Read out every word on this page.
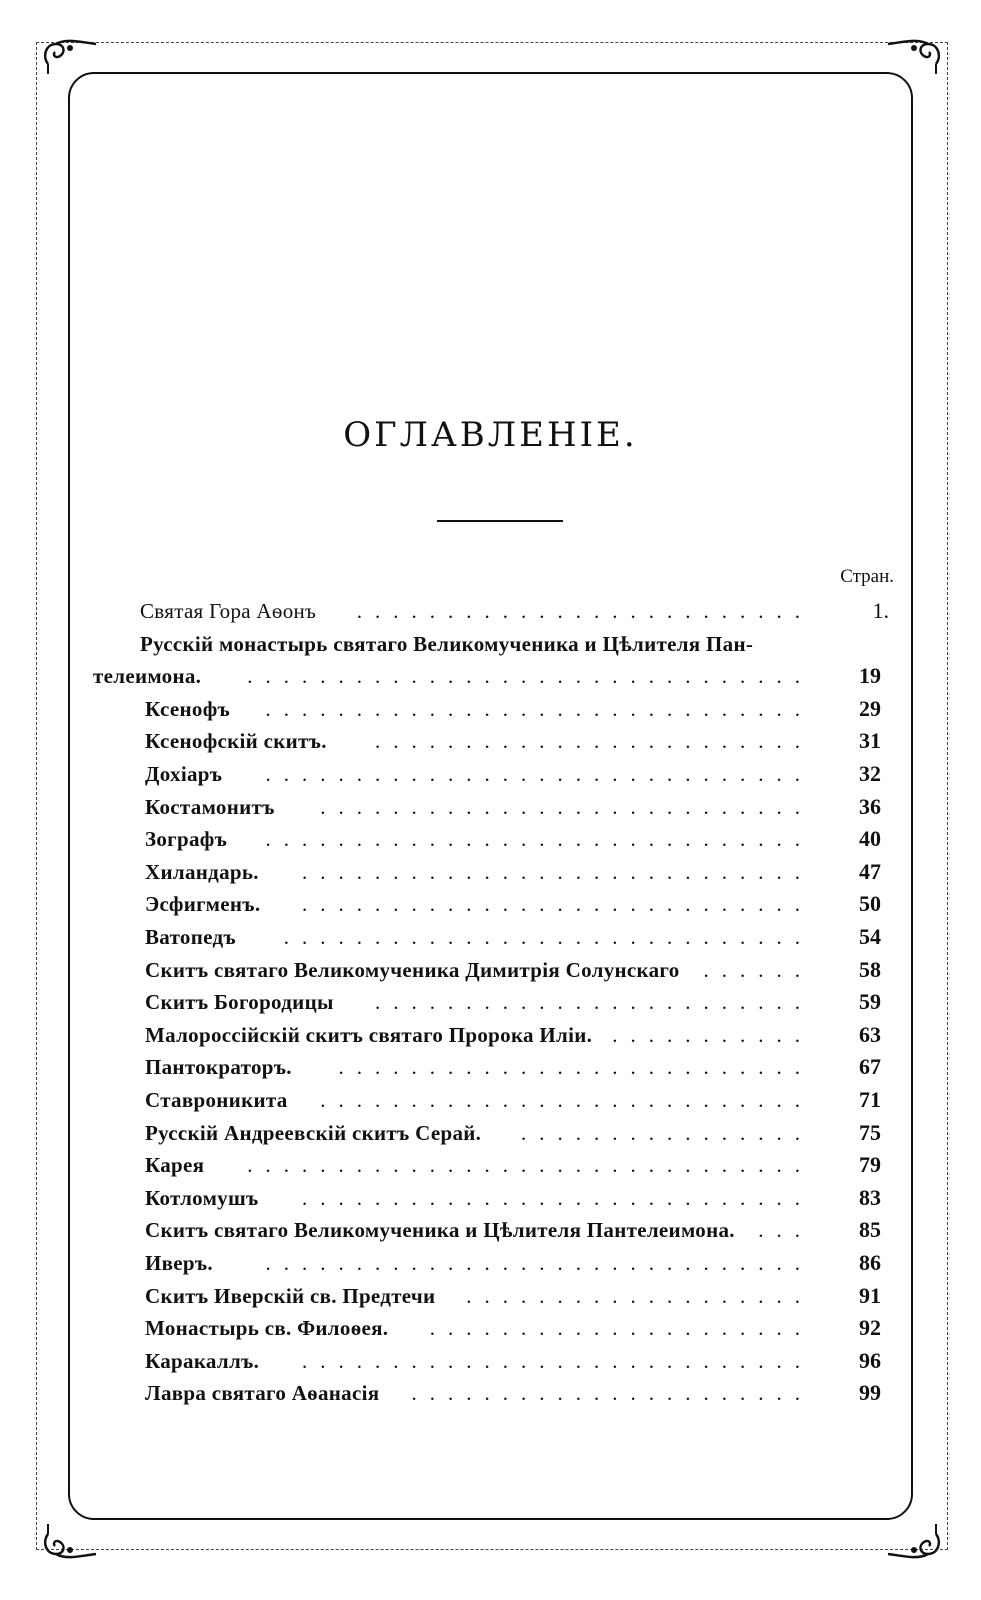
ОГЛАВЛЕНІЕ.
Стран.
Святая Гора Аѳонъ	.........................	1.
Русскій монастырь святаго Великомученика и Цѣлителя Пан-
телеимона.	...............................	19
Ксенофъ	..............................	29
Ксенофскій скитъ.	........................	31
Дохіаръ	..............................	32
Костамонитъ	...........................	36
Зографъ	..............................	40
Хиландарь.	............................	47
Эсфигменъ.	............................	50
Ватопедъ	.............................	54
Скитъ святаго Великомученика Димитрія Солунскаго	......	58
Скитъ Богородицы	........................	59
Малороссійскій скитъ святаго Пророка Иліи. ...........	63
Пантократоръ.	..........................	67
Ставроникита	...........................	71
Русскій Андреевскій скитъ Серай.	................	75
Карея	...............................	79
Котломушъ	............................	83
Скитъ святаго Великомученика и Цѣлителя Пантелеимона.	...	85
Иверъ.	..............................	86
Скитъ Иверскій св. Предтечи	...................	91
Монастырь св. Филоѳея.	.....................	92
Каракаллъ.	............................	96
Лавра святаго Аѳанасія	......................	99
